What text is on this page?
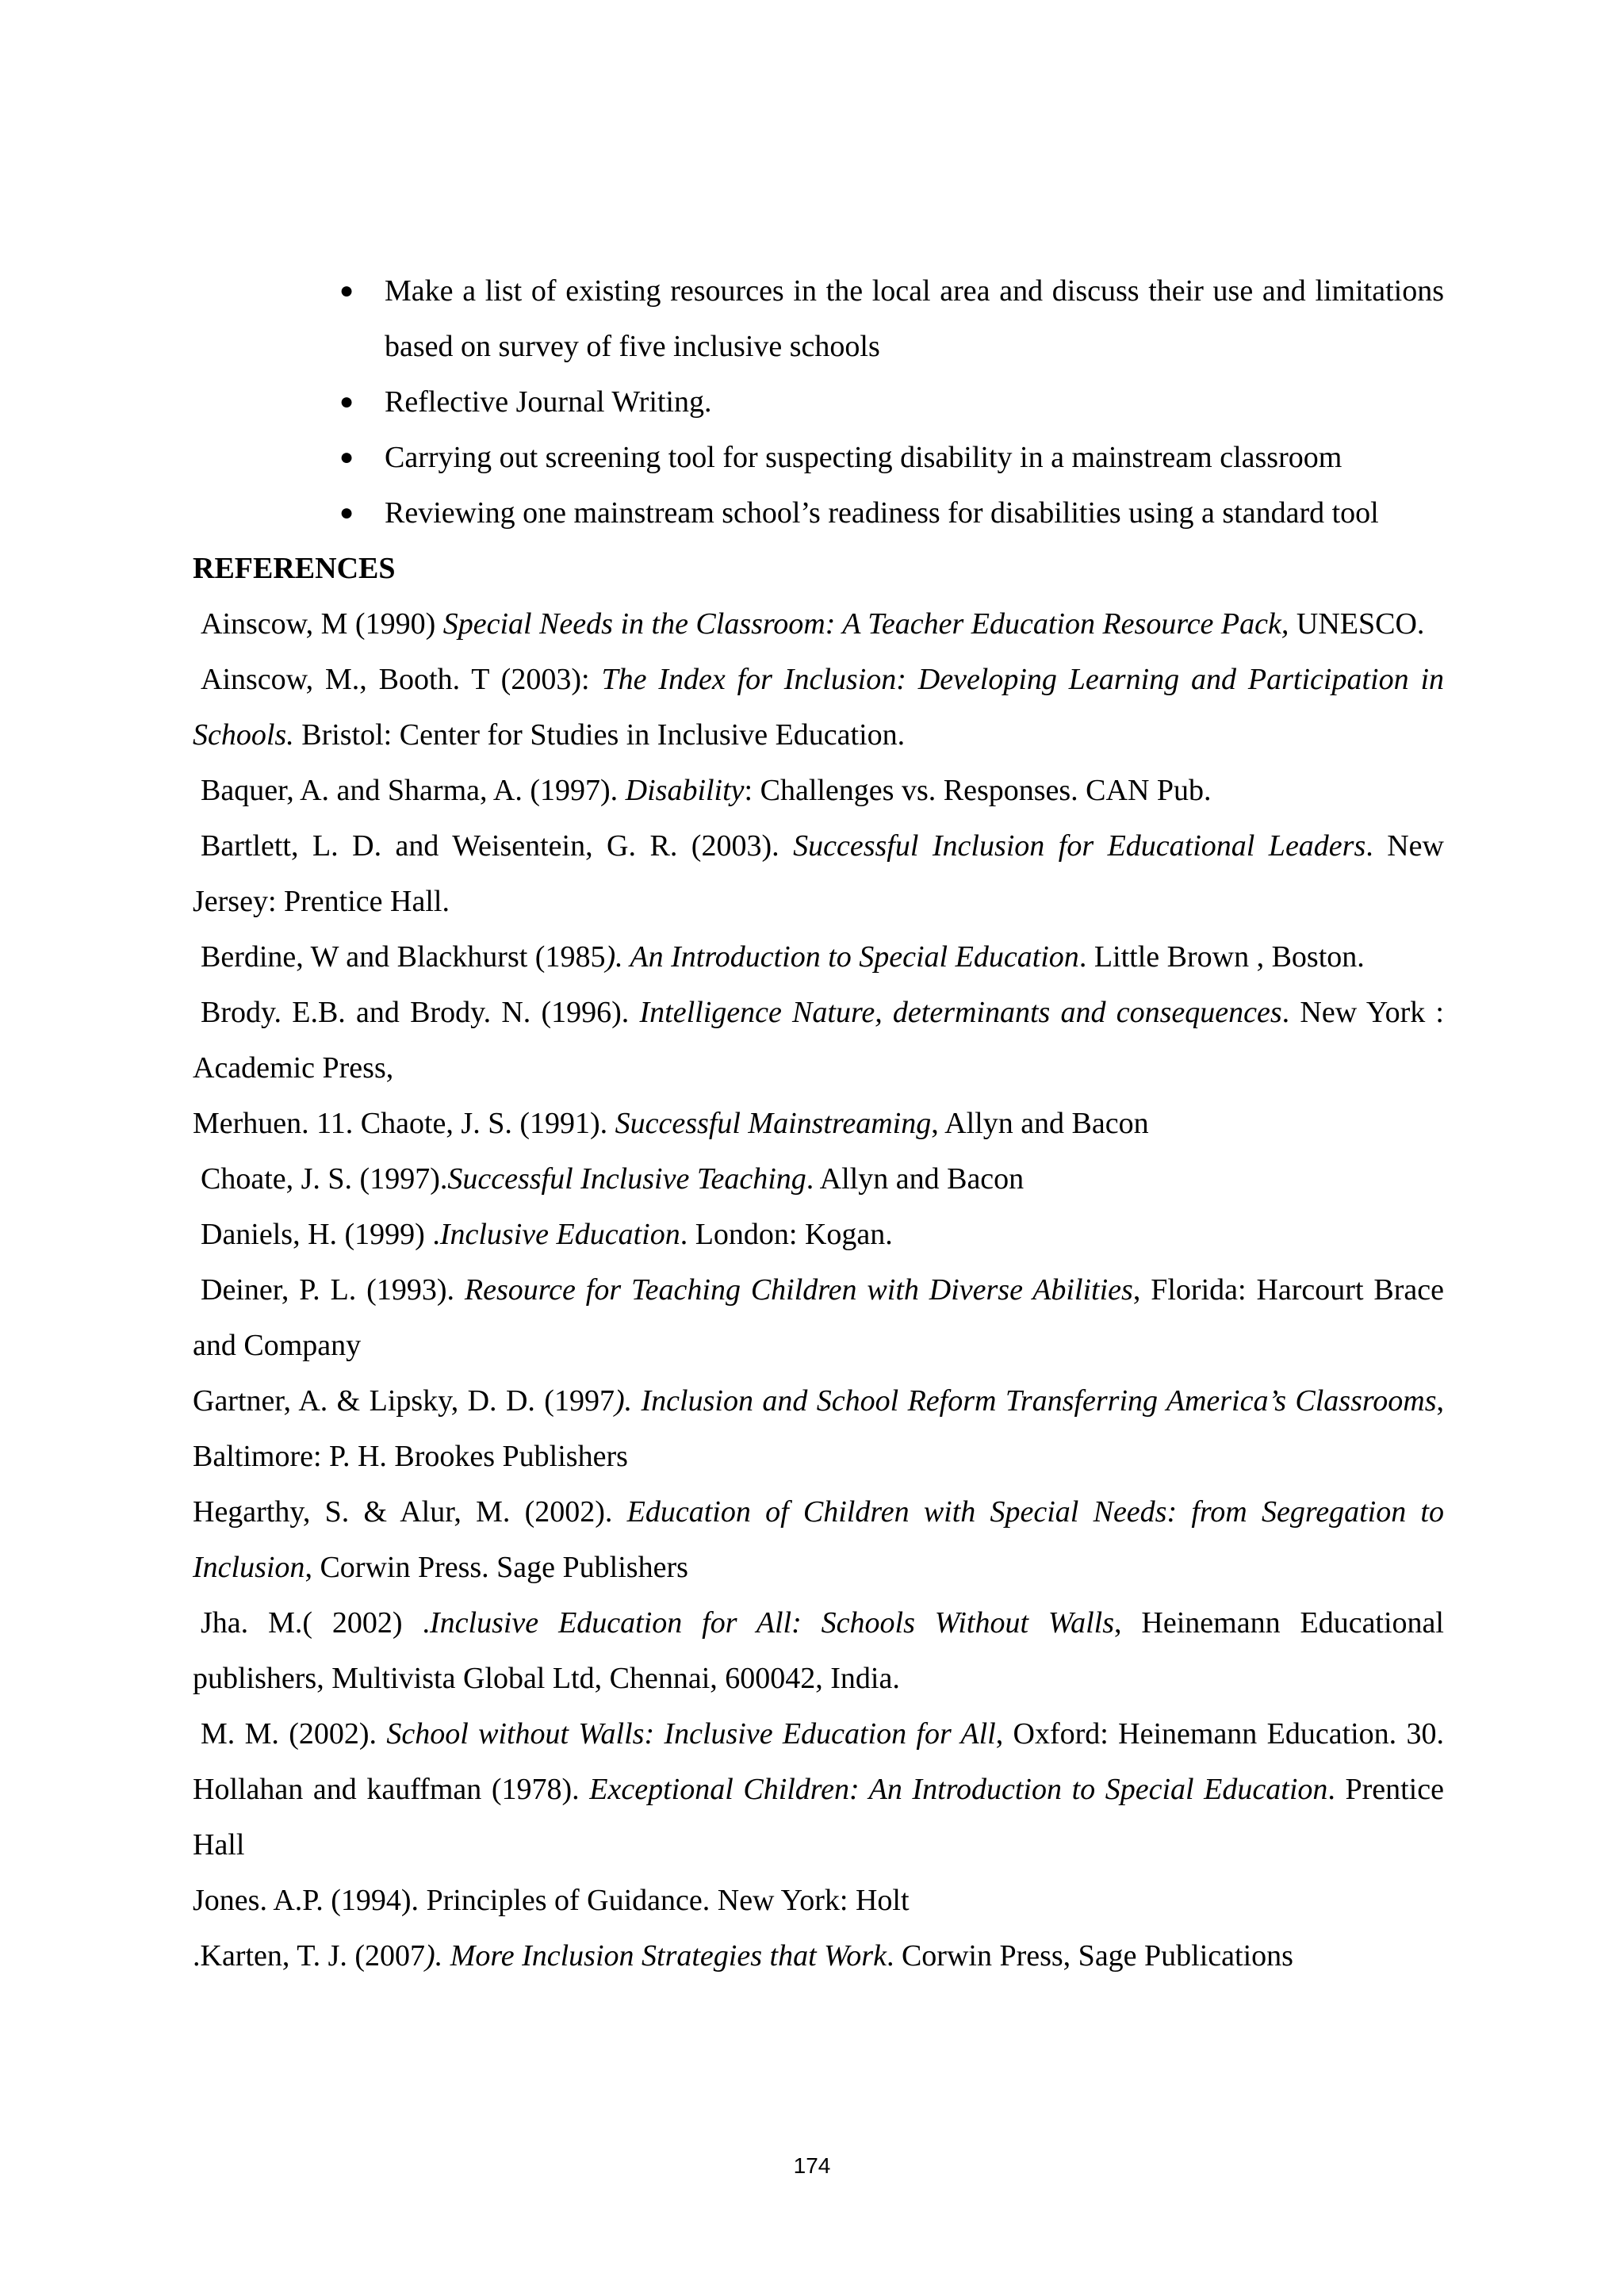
● Make a list of existing resources in the local area and discuss their use and limitations based on survey of five inclusive schools
● Reflective Journal Writing.
● Carrying out screening tool for suspecting disability in a mainstream classroom
● Reviewing one mainstream school’s readiness for disabilities using a standard tool

REFERENCES

Ainscow, M (1990) Special Needs in the Classroom: A Teacher Education Resource Pack, UNESCO.

Ainscow, M., Booth. T (2003): The Index for Inclusion: Developing Learning and Participation in Schools. Bristol: Center for Studies in Inclusive Education.

Baquer, A. and Sharma, A. (1997). Disability: Challenges vs. Responses. CAN Pub.

Bartlett, L. D. and Weisentein, G. R. (2003). Successful Inclusion for Educational Leaders. New Jersey: Prentice Hall.

Berdine, W and Blackhurst (1985). An Introduction to Special Education. Little Brown , Boston.

Brody. E.B. and Brody. N. (1996). Intelligence Nature, determinants and consequences. New York : Academic Press,

Merhuen. 11. Chaote, J. S. (1991). Successful Mainstreaming, Allyn and Bacon

Choate, J. S. (1997).Successful Inclusive Teaching. Allyn and Bacon

Daniels, H. (1999) .Inclusive Education. London: Kogan.

Deiner, P. L. (1993). Resource for Teaching Children with Diverse Abilities, Florida: Harcourt Brace and Company

Gartner, A. & Lipsky, D. D. (1997). Inclusion and School Reform Transferring America’s Classrooms, Baltimore: P. H. Brookes Publishers

Hegarthy, S. & Alur, M. (2002). Education of Children with Special Needs: from Segregation to Inclusion, Corwin Press. Sage Publishers

Jha. M.( 2002) .Inclusive Education for All: Schools Without Walls, Heinemann Educational publishers, Multivista Global Ltd, Chennai, 600042, India.

M. M. (2002). School without Walls: Inclusive Education for All, Oxford: Heinemann Education. 30. Hollahan and kauffman (1978). Exceptional Children: An Introduction to Special Education. Prentice Hall

Jones. A.P. (1994). Principles of Guidance. New York: Holt

.Karten, T. J. (2007). More Inclusion Strategies that Work. Corwin Press, Sage Publications

174
